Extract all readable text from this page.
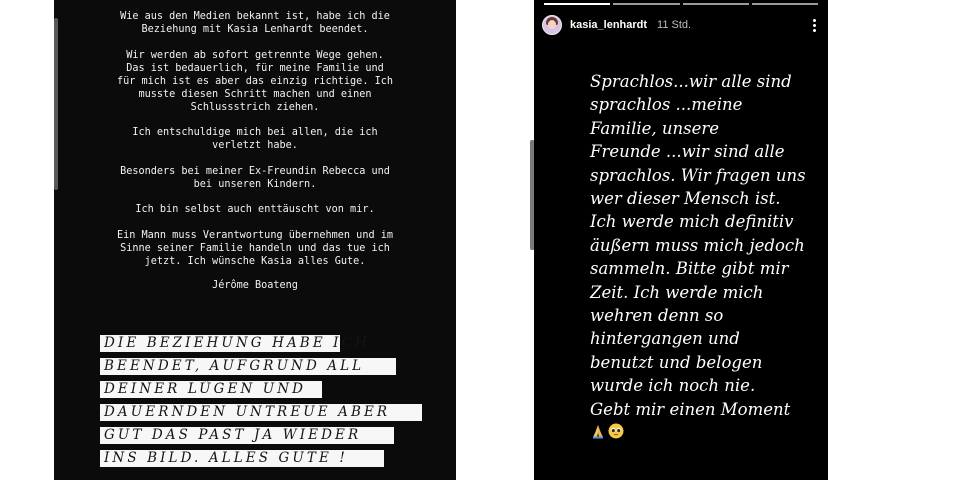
Wie aus den Medien bekannt ist, habe ich die
Beziehung mit Kasia Lenhardt beendet.

Wir werden ab sofort getrennte Wege gehen.
Das ist bedauerlich, für meine Familie und
für mich ist es aber das einzig richtige. Ich
musste diesen Schritt machen und einen
Schlussstrich ziehen.

Ich entschuldige mich bei allen, die ich
verletzt habe.

Besonders bei meiner Ex-Freundin Rebecca und
bei unseren Kindern.

Ich bin selbst auch enttäuscht von mir.

Ein Mann muss Verantwortung übernehmen und im
Sinne seiner Familie handeln und das tue ich
jetzt. Ich wünsche Kasia alles Gute.

Jérôme Boateng

DIE BEZIEHUNG HABE ICH
BEENDET, AUFGRUND ALL
DEINER LÜGEN UND
DAUERNDEN UNTREUE ABER
GUT DAS PAST JA WIEDER
INS BILD. ALLES GUTE !
kasia_lenhardt 11 Std.
Sprachlos...wir alle sind
sprachlos ...meine
Familie, unsere
Freunde ...wir sind alle
sprachlos. Wir fragen uns
wer dieser Mensch ist.
Ich werde mich definitiv
äußern muss mich jedoch
sammeln. Bitte gibt mir
Zeit. Ich werde mich
wehren denn so
hintergangen und
benutzt und belogen
wurde ich noch nie.
Gebt mir einen Moment
